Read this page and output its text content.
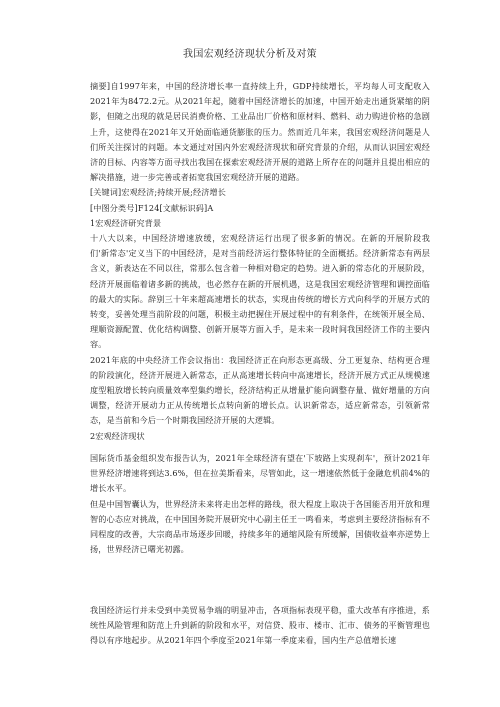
我国宏观经济现状分析及对策

摘要]自1997年来，中国的经济增长率一直持续上升，GDP持续增长，平均每人可支配收入2021年为8472.2元。从2021年起，随着中国经济增长的加速，中国开始走出通货紧缩的阴影，但随之出现的就是居民消费价格、工业品出厂价格和原材料、燃料、动力购进价格的急剧上升，这使得在2021年又开始面临通货膨胀的压力。然而近几年来，我国宏观经济问题是人们所关注探讨的问题。本文通过对国内外宏观经济现状和研究背景的介绍，从而认识国宏观经济的目标、内容等方面寻找出我国在探索宏观经济开展的道路上所存在的问题并且提出相应的解决措施，进一步完善或者拓宽我国宏观经济开展的道路。

[关键词]宏观经济;持续开展;经济增长

[中图分类号]F124[文献标识码]A

1宏观经济研究背景

十八大以来，中国经济增速放缓，宏观经济运行出现了很多新的情况。在新的开展阶段我们'新常态'定义当下的中国经济，是对当前经济运行整体特征的全面概括。经济新常态有两层含义，新表达在不同以往，常那么包含着一种相对稳定的趋势。进入新的常态化的开展阶段，经济开展面临着诸多新的挑战，也必然存在新的开展机遇，这是我国宏观经济管理和调控面临的最大的实际。辞别三十年来超高速增长的状态，实现由传统的增长方式向科学的开展方式的转变，妥善处理当前阶段的问题，积极主动把握住开展过程中的有利条件，在统领开展全局、理顺资源配置、优化结构调整、创新开展等方面入手，是未来一段时间我国经济工作的主要内容。

2021年底的中央经济工作会议指出：我国经济正在向形态更高级、分工更复杂、结构更合理的阶段演化，经济开展进入新常态，正从高速增长转向中高速增长，经济开展方式正从规模速度型粗放增长转向质量效率型集约增长，经济结构正从增量扩能向调整存量、做好增量的方向调整，经济开展动力正从传统增长点转向新的增长点。认识新常态，适应新常态，引领新常态，是当前和今后一个时期我国经济开展的大逻辑。

2宏观经济现状

国际货币基金组织发布报告认为，2021年全球经济有望在'下坡路上实现刹车'，预计2021年世界经济增速将到达3.6%，但在拉美斯看来，尽管如此，这一增速依然低于金融危机前4%的增长水平。

但是中国智囊认为，世界经济未来将走出怎样的路线，很大程度上取决于各国能否用开放和理智的心态应对挑战，在中国国务院开展研究中心副主任王一鸣看来，考虑到主要经济指标有不同程度的改善，大宗商品市场逐步回暖，持续多年的通缩风险有所缓解，国债收益率亦逆势上扬，世界经济已曙光初露。

我国经济运行并未受到中美贸易争端的明显冲击，各项指标表现平稳，重大改革有序推进，系统性风险管理和防范上升到新的阶段和水平，对信贷、股市、楼市、汇市、债务的平衡管理也得以有序地起步。从2021年四个季度至2021年第一季度来看，国内生产总值增长速
